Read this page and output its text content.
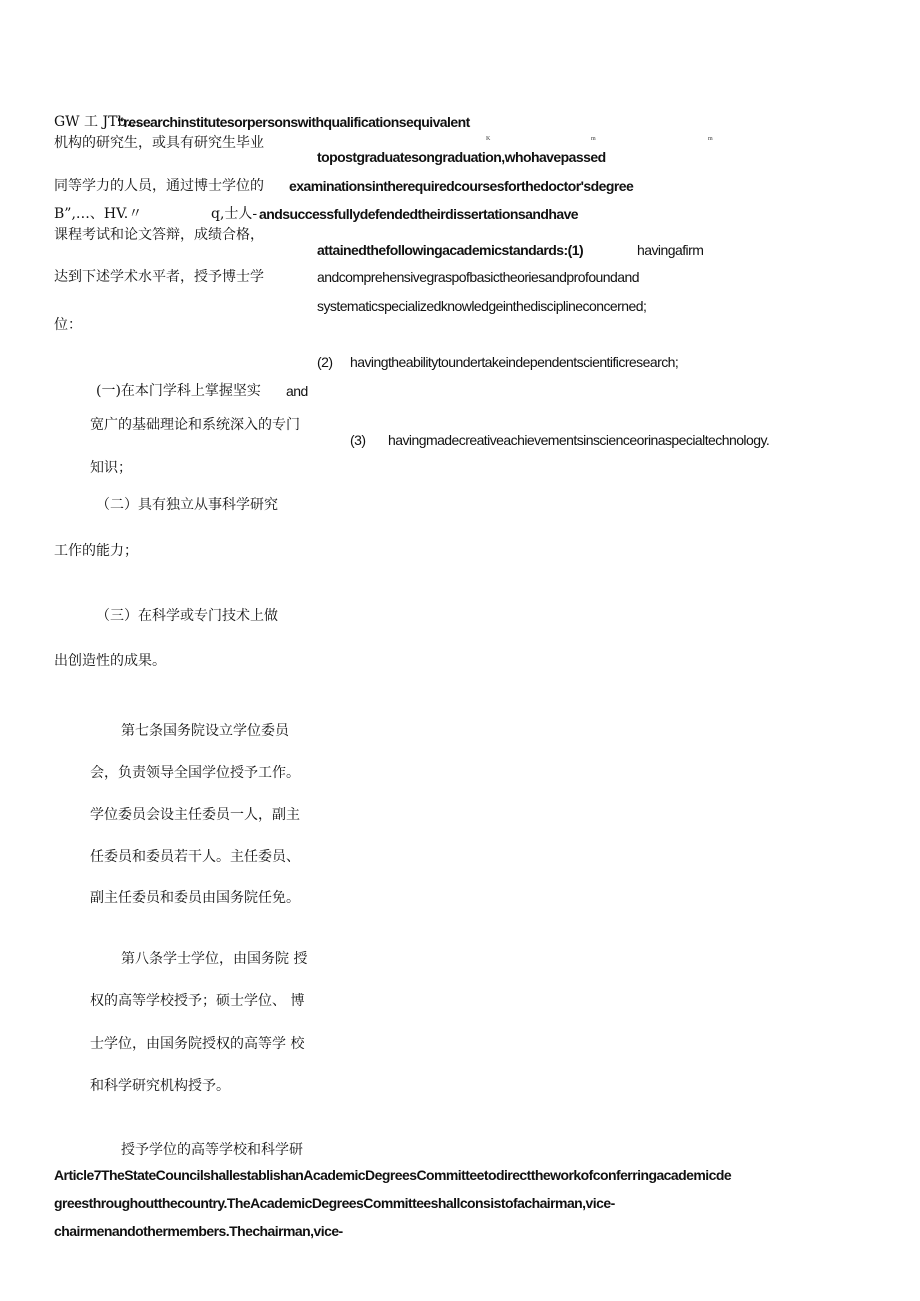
GW 工 JTb…
机构的研究生，或具有研究生毕业
同等学力的人员，通过博士学位的
B”,…、HV.〃	q,士人-
课程考试和论文答辩，成绩合格，
达到下述学术水平者，授予博士学
位：
(一)在本门学科上掌握坚实 and
宽广的基础理论和系统深入的专门
知识；
（二）具有独立从事科学研究
工作的能力；
（三）在科学或专门技术上做
出创造性的成果。
第七条国务院设立学位委员
会，负责领导全国学位授予工作。
学位委员会设主任委员一人，副主
任委员和委员若干人。主任委员、
副主任委员和委员由国务院任免。
第八条学士学位，由国务院 授
权的高等学校授予；硕士学位、 博
士学位，由国务院授权的高等学 校
和科学研究机构授予。
授予学位的高等学校和科学研
“researchinstitutesorpersonswithqualificationsequivalent
K	m	m
topostgraduatesongraduation,whohavepassed
examinationsintherequiredcoursesforthedoctor'sdegree
andsuccessfullydefendedtheirdissertationsandhave
attainedthefollowingacademicstandards:(1)	havingafirm
andcomprehensivegraspofbasictheoriesandprofoundand
systematicspecializedknowledgeinthedisciplineconcerned;
(2) havingtheabilitytoundertakeindependentscientificresearch;
(3) havingmadecreativeachievementsinscienceorinaspecialtechnology.
Article7TheStateCouncilshallestablishanAcademicDegreesCommitteetodirecttheworkofconferringacademicde
greesthroughoutthecountry.TheAcademicDegreesCommitteeshallconsistofachairman,vice-
chairmenandothermembers.Thechairman,vice-
